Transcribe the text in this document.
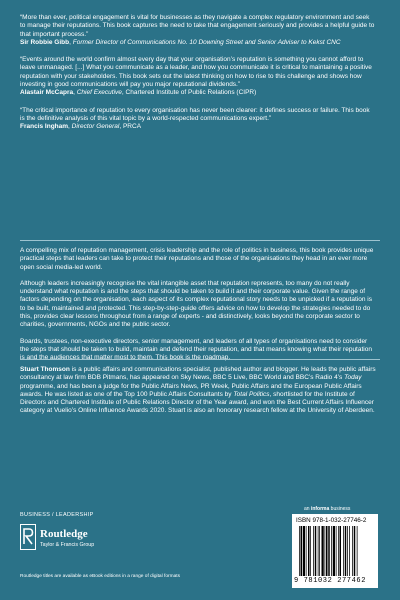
“More than ever, political engagement is vital for businesses as they navigate a complex regulatory environment and seek to manage their reputations. This book captures the need to take that engagement seriously and provides a helpful guide to that important process.”
Sir Robbie Gibb, Former Director of Communications No. 10 Downing Street and Senior Adviser to Kekst CNC
“Events around the world confirm almost every day that your organisation’s reputation is something you cannot afford to leave unmanaged. [...] What you communicate as a leader, and how you communicate it is critical to maintaining a positive reputation with your stakeholders. This book sets out the latest thinking on how to rise to this challenge and shows how investing in good communications will pay you major reputational dividends.”
Alastair McCapra, Chief Executive, Chartered Institute of Public Relations (CIPR)
“The critical importance of reputation to every organisation has never been clearer: it defines success or failure. This book is the definitive analysis of this vital topic by a world-respected communications expert.”
Francis Ingham, Director General, PRCA

A compelling mix of reputation management, crisis leadership and the role of politics in business, this book provides unique practical steps that leaders can take to protect their reputations and those of the organisations they head in an ever more open social media-led world.

Although leaders increasingly recognise the vital intangible asset that reputation represents, too many do not really understand what reputation is and the steps that should be taken to build it and their corporate value. Given the range of factors depending on the organisation, each aspect of its complex reputational story needs to be unpicked if a reputation is to be built, maintained and protected. This step-by-step-guide offers advice on how to develop the strategies needed to do this, provides clear lessons throughout from a range of experts - and distinctively, looks beyond the corporate sector to charities, governments, NGOs and the public sector.

Boards, trustees, non-executive directors, senior management, and leaders of all types of organisations need to consider the steps that should be taken to build, maintain and defend their reputation, and that means knowing what their reputation is and the audiences that matter most to them. This book is the roadmap.

Stuart Thomson is a public affairs and communications specialist, published author and blogger. He leads the public affairs consultancy at law firm BDB Pitmans, has appeared on Sky News, BBC 5 Live, BBC World and BBC’s Radio 4’s Today programme, and has been a judge for the Public Affairs News, PR Week, Public Affairs and the European Public Affairs awards. He was listed as one of the Top 100 Public Affairs Consultants by Total Politics, shortlisted for the Institute of Directors and Chartered Institute of Public Relations Director of the Year award, and won the Best Current Affairs Influencer category at Vuelio’s Online Influence Awards 2020. Stuart is also an honorary research fellow at the University of Aberdeen.

BUSINESS / LEADERSHIP
Routledge
Taylor & Francis Group
Routledge titles are available as eBook editions in a range of digital formats
an informa business
ISBN 978-1-032-27746-2
9 781032 277462
